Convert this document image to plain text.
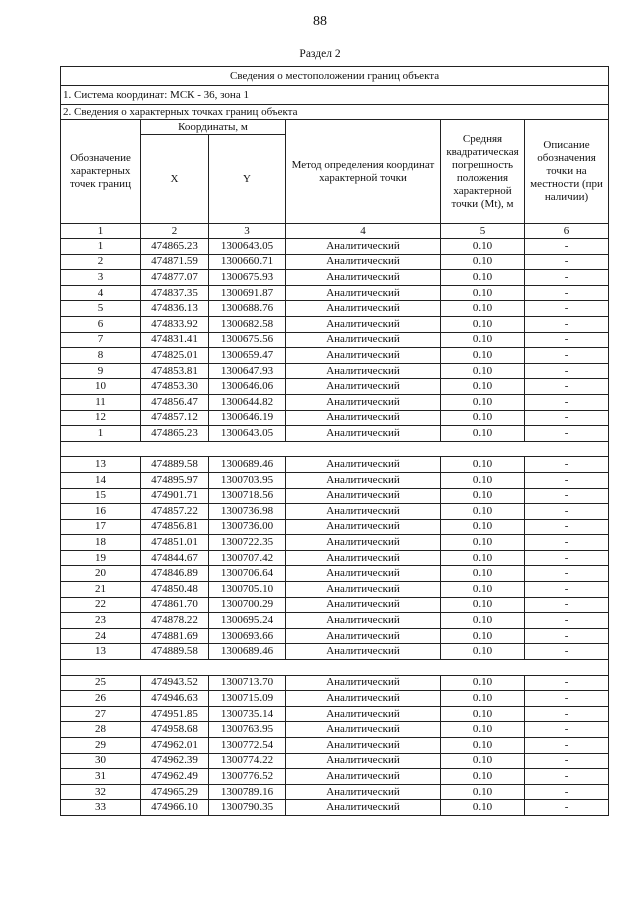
88
Раздел 2
Сведения о местоположении границ объекта					
1. Система координат: МСК - 36, зона 1					
2. Сведения о характерных точках границ объекта					
Обозначение характерных точек границ	Координаты, м		Метод определения координат характерной точки	Средняя квадратическая погрешность положения характерной точки (Mt), м	Описание обозначения точки на местности (при наличии)
	X	Y			
1	2	3	4	5	6
1	474865.23	1300643.05	Аналитический	0.10	-
2	474871.59	1300660.71	Аналитический	0.10	-
3	474877.07	1300675.93	Аналитический	0.10	-
4	474837.35	1300691.87	Аналитический	0.10	-
5	474836.13	1300688.76	Аналитический	0.10	-
6	474833.92	1300682.58	Аналитический	0.10	-
7	474831.41	1300675.56	Аналитический	0.10	-
8	474825.01	1300659.47	Аналитический	0.10	-
9	474853.81	1300647.93	Аналитический	0.10	-
10	474853.30	1300646.06	Аналитический	0.10	-
11	474856.47	1300644.82	Аналитический	0.10	-
12	474857.12	1300646.19	Аналитический	0.10	-
1	474865.23	1300643.05	Аналитический	0.10	-

13	474889.58	1300689.46	Аналитический	0.10	-
14	474895.97	1300703.95	Аналитический	0.10	-
15	474901.71	1300718.56	Аналитический	0.10	-
16	474857.22	1300736.98	Аналитический	0.10	-
17	474856.81	1300736.00	Аналитический	0.10	-
18	474851.01	1300722.35	Аналитический	0.10	-
19	474844.67	1300707.42	Аналитический	0.10	-
20	474846.89	1300706.64	Аналитический	0.10	-
21	474850.48	1300705.10	Аналитический	0.10	-
22	474861.70	1300700.29	Аналитический	0.10	-
23	474878.22	1300695.24	Аналитический	0.10	-
24	474881.69	1300693.66	Аналитический	0.10	-
13	474889.58	1300689.46	Аналитический	0.10	-

25	474943.52	1300713.70	Аналитический	0.10	-
26	474946.63	1300715.09	Аналитический	0.10	-
27	474951.85	1300735.14	Аналитический	0.10	-
28	474958.68	1300763.95	Аналитический	0.10	-
29	474962.01	1300772.54	Аналитический	0.10	-
30	474962.39	1300774.22	Аналитический	0.10	-
31	474962.49	1300776.52	Аналитический	0.10	-
32	474965.29	1300789.16	Аналитический	0.10	-
33	474966.10	1300790.35	Аналитический	0.10	-
